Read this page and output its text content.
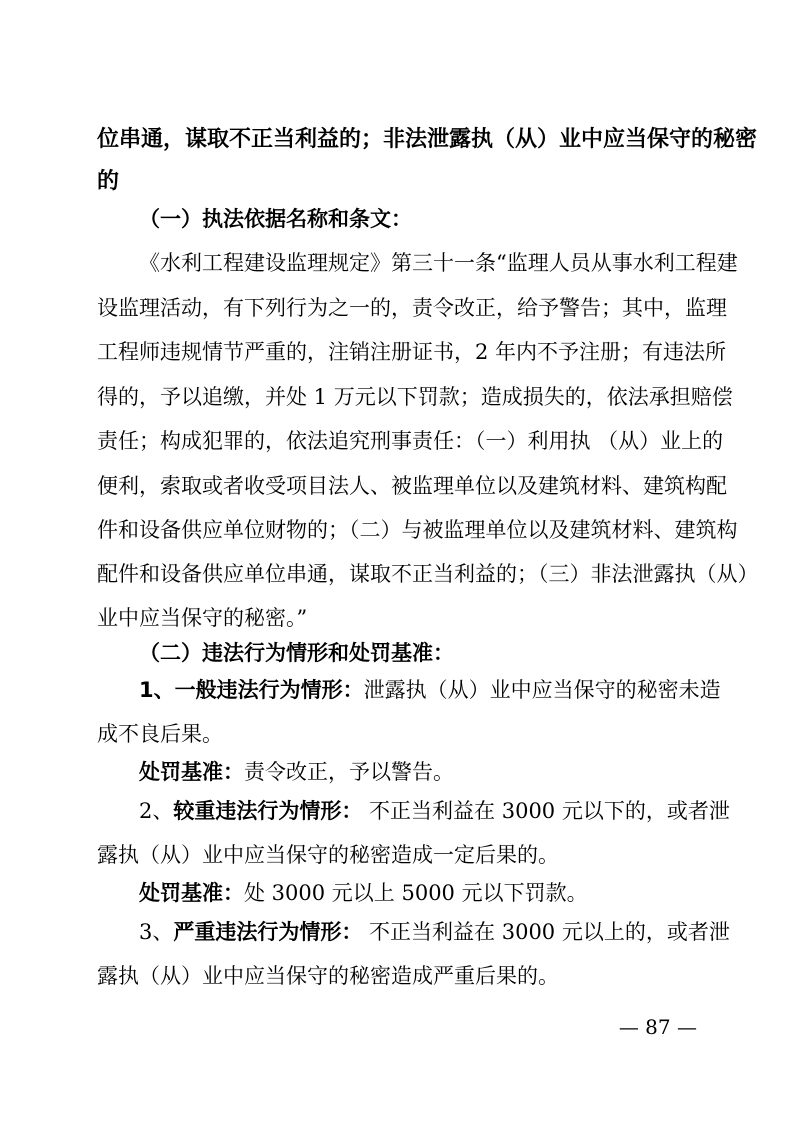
位串通，谋取不正当利益的；非法泄露执（从）业中应当保守的秘密
的
（一）执法依据名称和条文：
《水利工程建设监理规定》第三十一条“监理人员从事水利工程建
设监理活动，有下列行为之一的，责令改正，给予警告；其中，监理
工程师违规情节严重的，注销注册证书，2 年内不予注册；有违法所
得的，予以追缴，并处 1 万元以下罚款；造成损失的，依法承担赔偿
责任；构成犯罪的，依法追究刑事责任：（一）利用执 （从）业上的
便利，索取或者收受项目法人、被监理单位以及建筑材料、建筑构配
件和设备供应单位财物的；（二）与被监理单位以及建筑材料、建筑构
配件和设备供应单位串通，谋取不正当利益的；（三）非法泄露执（从）
业中应当保守的秘密。”
（二）违法行为情形和处罚基准：
1、一般违法行为情形：泄露执（从）业中应当保守的秘密未造
成不良后果。
处罚基准：责令改正，予以警告。
2、较重违法行为情形： 不正当利益在 3000 元以下的，或者泄
露执（从）业中应当保守的秘密造成一定后果的。
处罚基准：处 3000 元以上 5000 元以下罚款。
3、严重违法行为情形： 不正当利益在 3000 元以上的，或者泄
露执（从）业中应当保守的秘密造成严重后果的。
— 87 —
